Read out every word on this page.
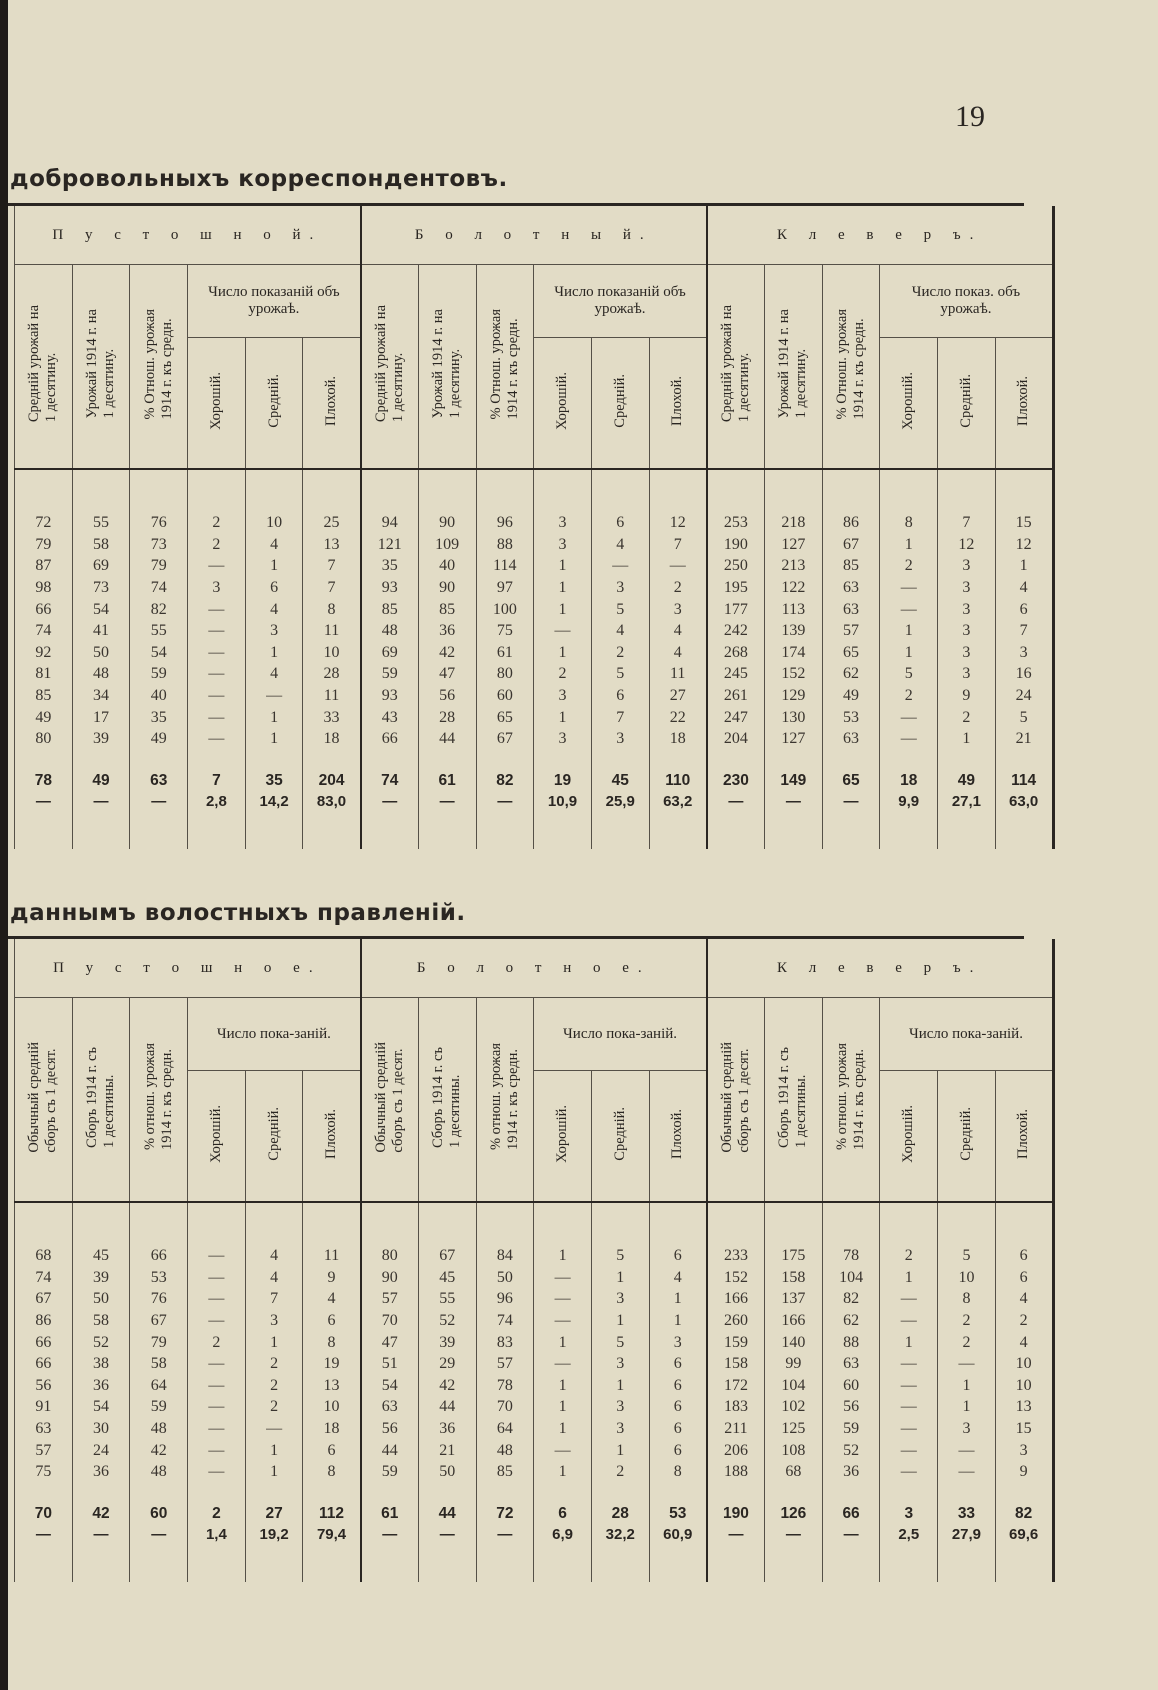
19
добровольныхъ корреспондентовъ.
П у с т о ш н о й.						Б о л о т н ы й.						К л е в е р ъ.					
Средній урожай на
1 десятину.	Урожай 1914 г. на
1 десятину.	% Отнош. урожая
1914 г. къ средн.	Число показаній объ урожаѣ.			Средній урожай на
1 десятину.	Урожай 1914 г. на
1 десятину.	% Отнош. урожая
1914 г. къ средн.	Число показаній объ урожаѣ.			Средній урожай на
1 десятину.	Урожай 1914 г. на
1 десятину.	% Отнош. урожая
1914 г. къ средн.	Число показ. объ урожаѣ.		
			Хорошій.	Средній.	Плохой.				Хорошій.	Средній.	Плохой.				Хорошій.	Средній.	Плохой.

72	55	76	2	10	25	94	90	96	3	6	12	253	218	86	8	7	15
79	58	73	2	4	13	121	109	88	3	4	7	190	127	67	1	12	12
87	69	79	—	1	7	35	40	114	1	—	—	250	213	85	2	3	1
98	73	74	3	6	7	93	90	97	1	3	2	195	122	63	—	3	4
66	54	82	—	4	8	85	85	100	1	5	3	177	113	63	—	3	6
74	41	55	—	3	11	48	36	75	—	4	4	242	139	57	1	3	7
92	50	54	—	1	10	69	42	61	1	2	4	268	174	65	1	3	3
81	48	59	—	4	28	59	47	80	2	5	11	245	152	62	5	3	16
85	34	40	—	—	11	93	56	60	3	6	27	261	129	49	2	9	24
49	17	35	—	1	33	43	28	65	1	7	22	247	130	53	—	2	5
80	39	49	—	1	18	66	44	67	3	3	18	204	127	63	—	1	21

78	49	63	7	35	204	74	61	82	19	45	110	230	149	65	18	49	114
—	—	—	2,8	14,2	83,0	—	—	—	10,9	25,9	63,2	—	—	—	9,9	27,1	63,0

даннымъ волостныхъ правленій.
П у с т о ш н о е.						Б о л о т н о е.						К л е в е р ъ.					
Обычный средній
сборъ съ 1 десят.	Сборъ 1914 г. съ
1 десятины.	% отнош. урожая
1914 г. къ средн.	Число пока-заній.			Обычный средній
сборъ съ 1 десят.	Сборъ 1914 г. съ
1 десятины.	% отнош. урожая
1914 г. къ средн.	Число пока-заній.			Обычный средній
сборъ съ 1 десят.	Сборъ 1914 г. съ
1 десятины.	% отнош. урожая
1914 г. къ средн.	Число пока-заній.		
			Хорошій.	Средній.	Плохой.				Хорошій.	Средній.	Плохой.				Хорошій.	Средній.	Плохой.

68	45	66	—	4	11	80	67	84	1	5	6	233	175	78	2	5	6
74	39	53	—	4	9	90	45	50	—	1	4	152	158	104	1	10	6
67	50	76	—	7	4	57	55	96	—	3	1	166	137	82	—	8	4
86	58	67	—	3	6	70	52	74	—	1	1	260	166	62	—	2	2
66	52	79	2	1	8	47	39	83	1	5	3	159	140	88	1	2	4
66	38	58	—	2	19	51	29	57	—	3	6	158	99	63	—	—	10
56	36	64	—	2	13	54	42	78	1	1	6	172	104	60	—	1	10
91	54	59	—	2	10	63	44	70	1	3	6	183	102	56	—	1	13
63	30	48	—	—	18	56	36	64	1	3	6	211	125	59	—	3	15
57	24	42	—	1	6	44	21	48	—	1	6	206	108	52	—	—	3
75	36	48	—	1	8	59	50	85	1	2	8	188	68	36	—	—	9

70	42	60	2	27	112	61	44	72	6	28	53	190	126	66	3	33	82
—	—	—	1,4	19,2	79,4	—	—	—	6,9	32,2	60,9	—	—	—	2,5	27,9	69,6
